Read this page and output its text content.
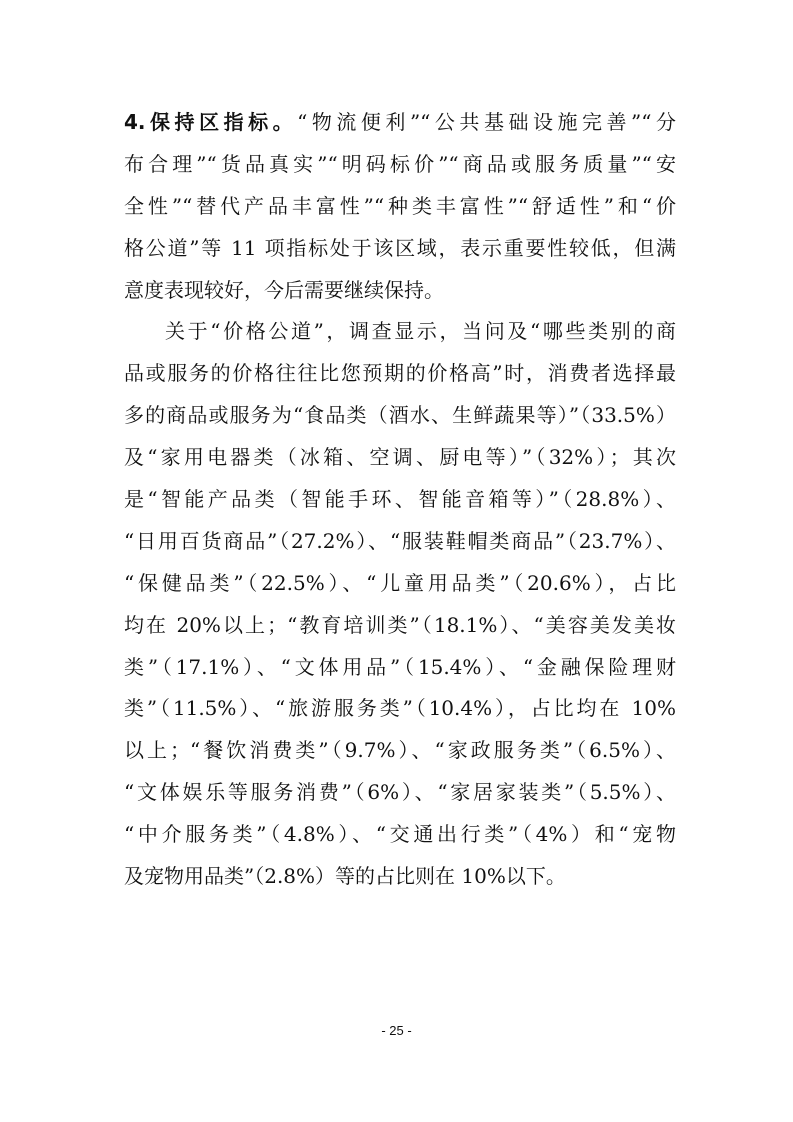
4.保持区指标。“物流便利”“公共基础设施完善”“分
布合理”“货品真实”“明码标价”“商品或服务质量”“安
全性”“替代产品丰富性”“种类丰富性”“舒适性”和“价
格公道”等 11 项指标处于该区域，表示重要性较低，但满
意度表现较好，今后需要继续保持。
关于“价格公道”，调查显示，当问及“哪些类别的商
品或服务的价格往往比您预期的价格高”时，消费者选择最
多的商品或服务为“食品类（酒水、生鲜蔬果等）”（33.5%）
及“家用电器类（冰箱、空调、厨电等）”（32%）；其次
是“智能产品类（智能手环、智能音箱等）”（28.8%）、
“日用百货商品”（27.2%）、“服装鞋帽类商品”（23.7%）、
“保健品类”（22.5%）、“儿童用品类”（20.6%），占比
均在 20%以上；“教育培训类”（18.1%）、“美容美发美妆
类”（17.1%）、“文体用品”（15.4%）、“金融保险理财
类”（11.5%）、“旅游服务类”（10.4%），占比均在 10%
以上；“餐饮消费类”（9.7%）、“家政服务类”（6.5%）、
“文体娱乐等服务消费”（6%）、“家居家装类”（5.5%）、
“中介服务类”（4.8%）、“交通出行类”（4%）和“宠物
及宠物用品类”（2.8%）等的占比则在 10%以下。
- 25 -
